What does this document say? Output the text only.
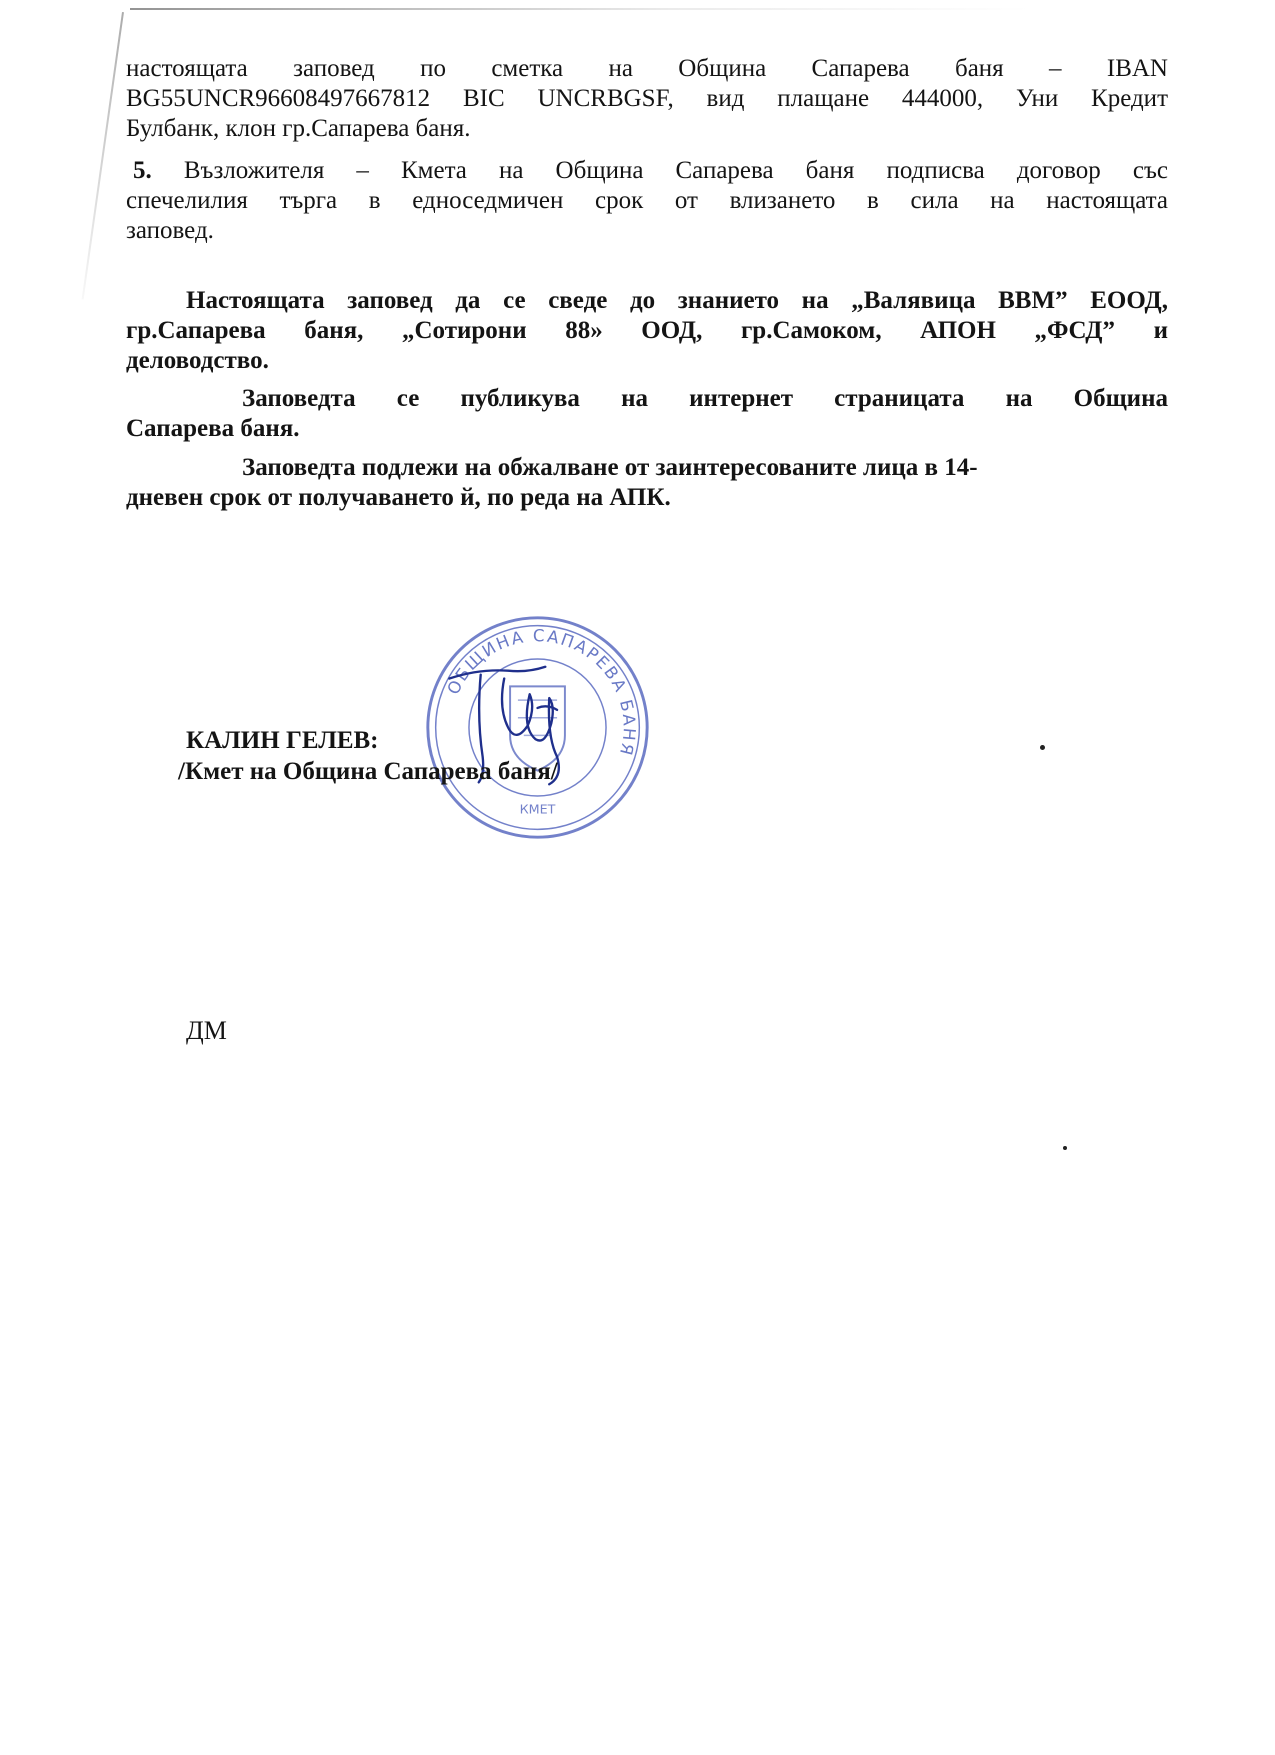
настоящата заповед по сметка на Община Сапарева баня – IBAN
BG55UNCR96608497667812 BIC UNCRBGSF, вид плащане 444000, Уни Кредит
Булбанк, клон гр.Сапарева баня.
5. Възложителя – Кмета на Община Сапарева баня подписва договор със
спечелилия търга в едноседмичен срок от влизането в сила на настоящата
заповед.
Настоящата заповед да се сведе до знанието на „Валявица ВВМ” ЕООД,
гр.Сапарева баня, „Сотирони 88» ООД, гр.Самоком, АПОН „ФСД” и
деловодство.
Заповедта се публикува на интернет страницата на Община
Сапарева баня.
Заповедта подлежи на обжалване от заинтересованите лица в 14-
дневен срок от получаването й, по реда на АПК.
ОБЩИНА САПАРЕВА БАНЯ
КМЕТ
КАЛИН ГЕЛЕВ:
/Кмет на Община Сапарева баня/
ДМ
